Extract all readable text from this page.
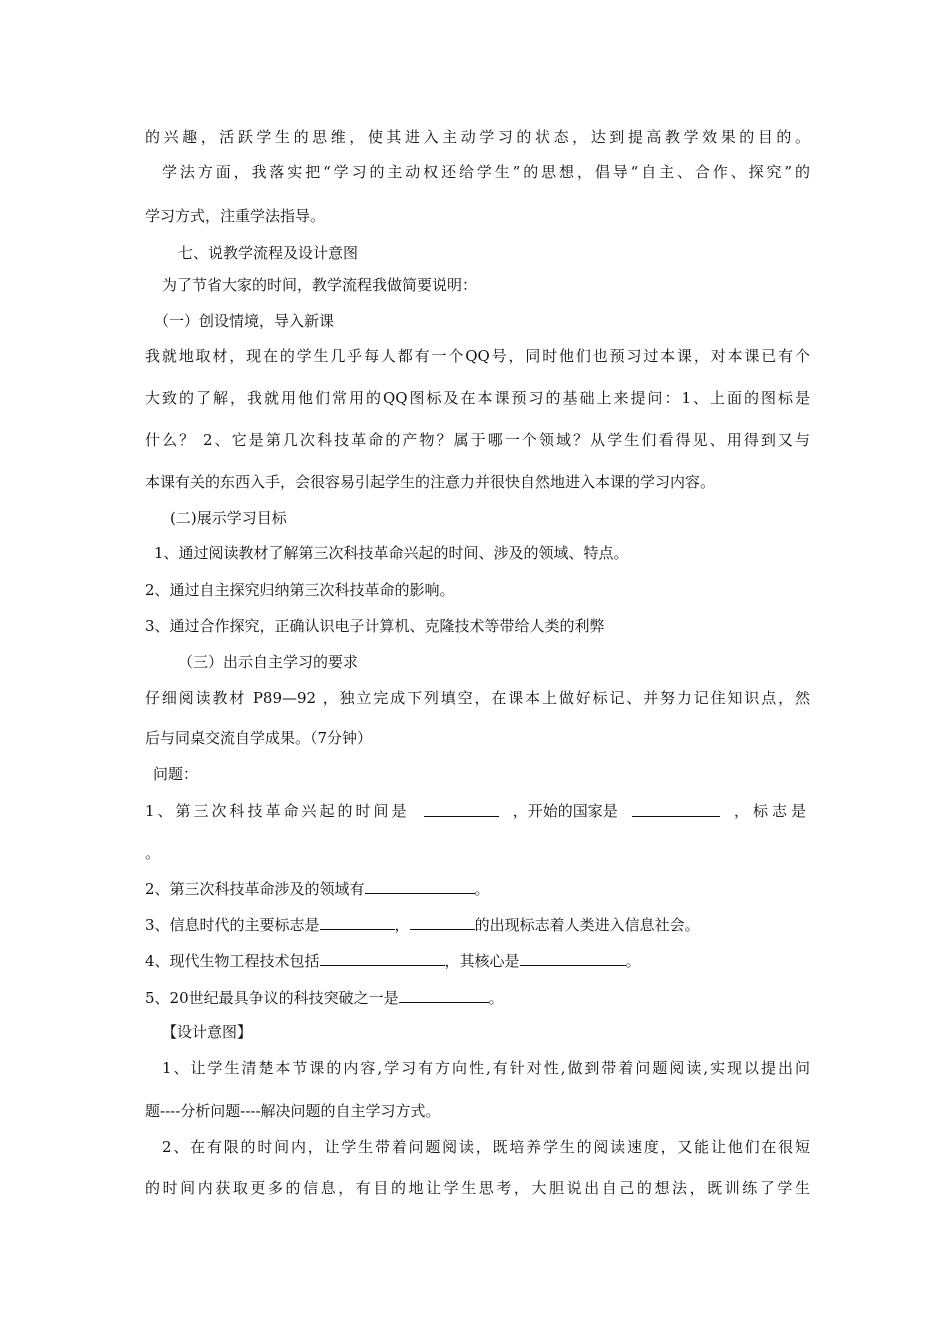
的兴趣，活跃学生的思维，使其进入主动学习的状态，达到提高教学效果的目的。
学法方面，我落实把“学习的主动权还给学生”的思想，倡导“自主、合作、探究”的
学习方式，注重学法指导。
七、说教学流程及设计意图
为了节省大家的时间，教学流程我做简要说明：
（一）创设情境，导入新课
我就地取材，现在的学生几乎每人都有一个QQ号，同时他们也预习过本课，对本课已有个
大致的了解，我就用他们常用的QQ图标及在本课预习的基础上来提问：1、上面的图标是
什么？ 2、它是第几次科技革命的产物？属于哪一个领域？从学生们看得见、用得到又与
本课有关的东西入手，会很容易引起学生的注意力并很快自然地进入本课的学习内容。
(二)展示学习目标
1、通过阅读教材了解第三次科技革命兴起的时间、涉及的领域、特点。
2、通过自主探究归纳第三次科技革命的影响。
3、通过合作探究，正确认识电子计算机、克隆技术等带给人类的利弊
（三）出示自主学习的要求
仔细阅读教材 P89—92 ，独立完成下列填空，在课本上做好标记、并努力记住知识点，然
后与同桌交流自学成果。（7分钟）
问题：
1、第三次科技革命兴起的时间是	，开始的国家是	，标志是
。
2、第三次科技革命涉及的领域有	。
3、信息时代的主要标志是	，	的出现标志着人类进入信息社会。
4、现代生物工程技术包括	，其核心是	。
5、20世纪最具争议的科技突破之一是	。
【设计意图】
1、让学生清楚本节课的内容,学习有方向性,有针对性,做到带着问题阅读,实现以提出问
题----分析问题----解决问题的自主学习方式。
2、在有限的时间内，让学生带着问题阅读，既培养学生的阅读速度，又能让他们在很短
的时间内获取更多的信息，有目的地让学生思考，大胆说出自己的想法，既训练了学生
